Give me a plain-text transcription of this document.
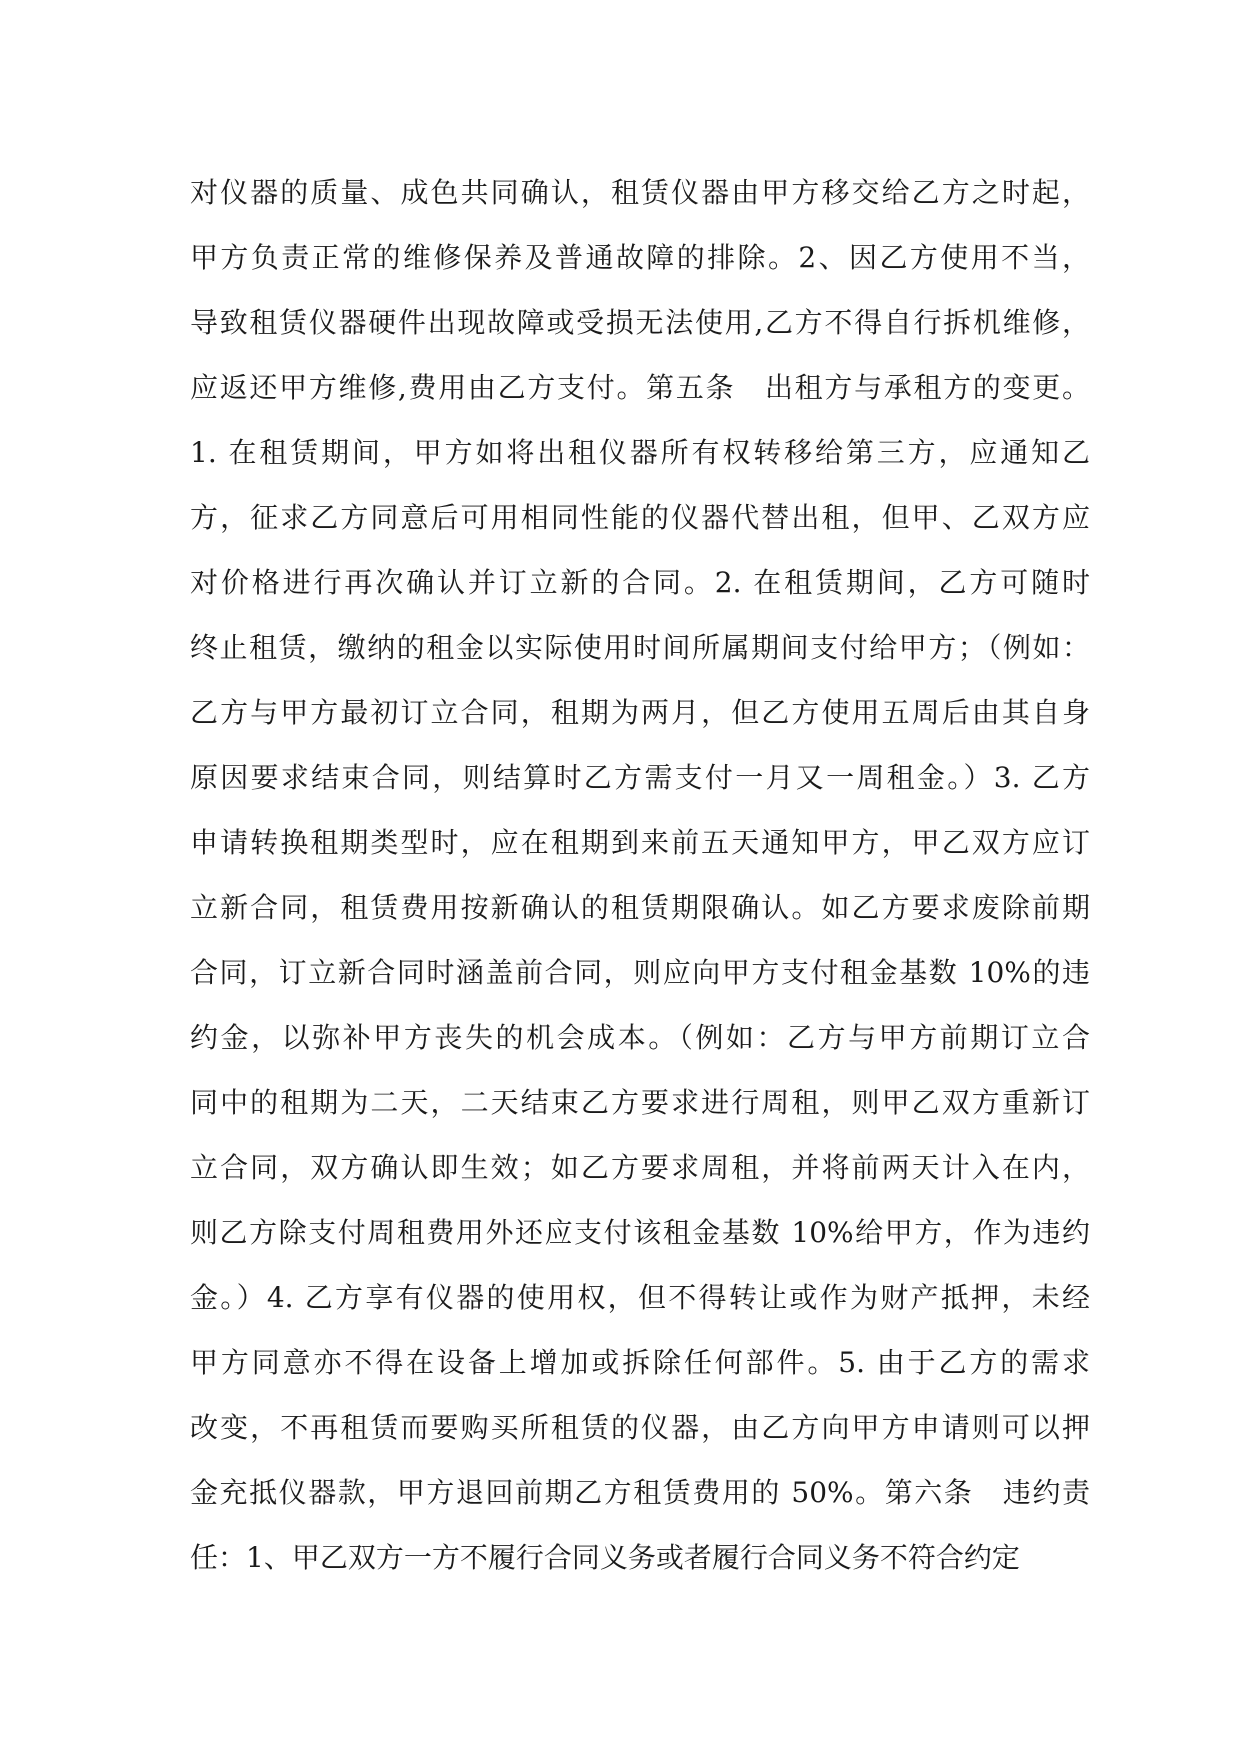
对仪器的质量、成色共同确认，租赁仪器由甲方移交给乙方之时起，
甲方负责正常的维修保养及普通故障的排除。2、因乙方使用不当，
导致租赁仪器硬件出现故障或受损无法使用,乙方不得自行拆机维修，
应返还甲方维修,费用由乙方支付。第五条　出租方与承租方的变更。
1. 在租赁期间，甲方如将出租仪器所有权转移给第三方，应通知乙
方，征求乙方同意后可用相同性能的仪器代替出租，但甲、乙双方应
对价格进行再次确认并订立新的合同。2. 在租赁期间，乙方可随时
终止租赁，缴纳的租金以实际使用时间所属期间支付给甲方；（例如：
乙方与甲方最初订立合同，租期为两月，但乙方使用五周后由其自身
原因要求结束合同，则结算时乙方需支付一月又一周租金。）3. 乙方
申请转换租期类型时，应在租期到来前五天通知甲方，甲乙双方应订
立新合同，租赁费用按新确认的租赁期限确认。如乙方要求废除前期
合同，订立新合同时涵盖前合同，则应向甲方支付租金基数 10%的违
约金，以弥补甲方丧失的机会成本。（例如：乙方与甲方前期订立合
同中的租期为二天，二天结束乙方要求进行周租，则甲乙双方重新订
立合同，双方确认即生效；如乙方要求周租，并将前两天计入在内，
则乙方除支付周租费用外还应支付该租金基数 10%给甲方，作为违约
金。）4. 乙方享有仪器的使用权，但不得转让或作为财产抵押，未经
甲方同意亦不得在设备上增加或拆除任何部件。5. 由于乙方的需求
改变，不再租赁而要购买所租赁的仪器，由乙方向甲方申请则可以押
金充抵仪器款，甲方退回前期乙方租赁费用的 50%。第六条　违约责
任：1、甲乙双方一方不履行合同义务或者履行合同义务不符合约定
